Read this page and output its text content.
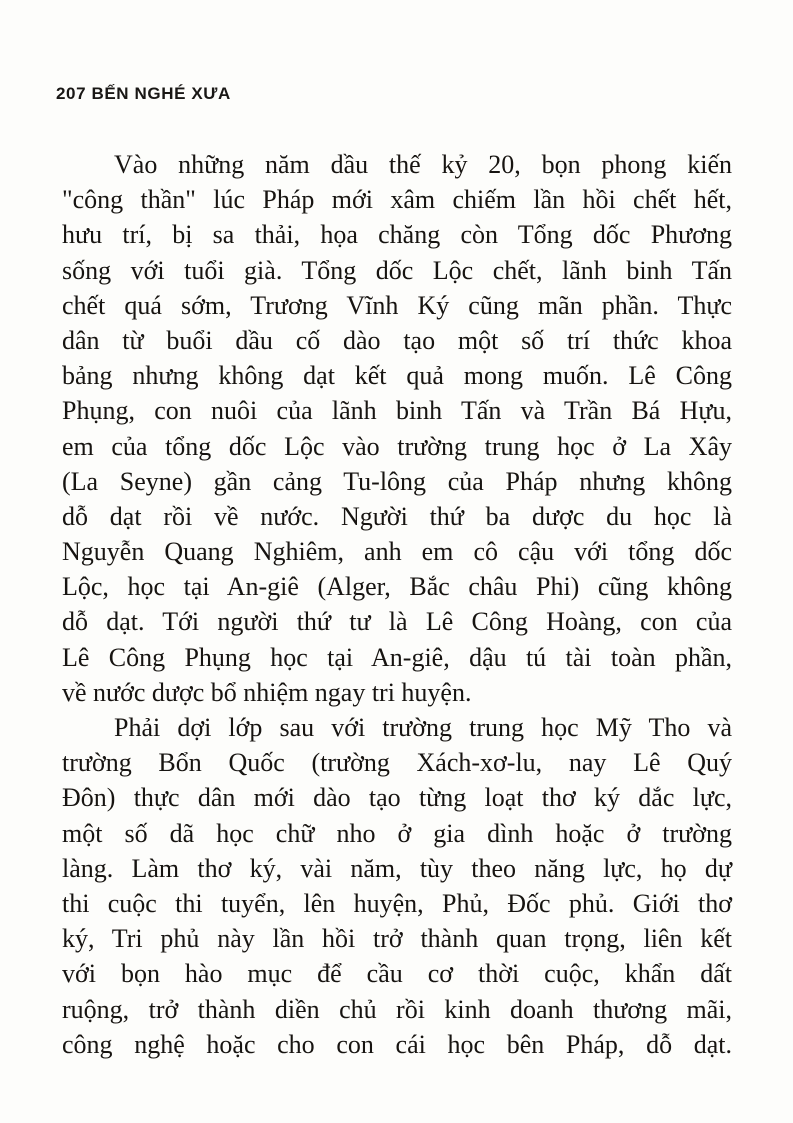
207 BẾN NGHÉ XƯA
Vào những năm dầu thế kỷ 20, bọn phong kiến
"công thần" lúc Pháp mới xâm chiếm lần hồi chết hết,
hưu trí, bị sa thải, họa chăng còn Tổng dốc Phương
sống với tuổi già. Tổng dốc Lộc chết, lãnh binh Tấn
chết quá sớm, Trương Vĩnh Ký cũng mãn phần. Thực
dân từ buổi dầu cố dào tạo một số trí thức khoa
bảng nhưng không dạt kết quả mong muốn. Lê Công
Phụng, con nuôi của lãnh binh Tấn và Trần Bá Hựu,
em của tổng dốc Lộc vào trường trung học ở La Xây
(La Seyne) gần cảng Tu-lông của Pháp nhưng không
dỗ dạt rồi về nước. Người thứ ba dược du học là
Nguyễn Quang Nghiêm, anh em cô cậu với tổng dốc
Lộc, học tại An-giê (Alger, Bắc châu Phi) cũng không
dỗ dạt. Tới người thứ tư là Lê Công Hoàng, con của
Lê Công Phụng học tại An-giê, dậu tú tài toàn phần,
về nước dược bổ nhiệm ngay tri huyện.
Phải dợi lớp sau với trường trung học Mỹ Tho và
trường Bổn Quốc (trường Xách-xơ-lu, nay Lê Quý
Đôn) thực dân mới dào tạo từng loạt thơ ký dắc lực,
một số dã học chữ nho ở gia dình hoặc ở trường
làng. Làm thơ ký, vài năm, tùy theo năng lực, họ dự
thi cuộc thi tuyển, lên huyện, Phủ, Đốc phủ. Giới thơ
ký, Tri phủ này lần hồi trở thành quan trọng, liên kết
với bọn hào mục để cầu cơ thời cuộc, khẩn dất
ruộng, trở thành diền chủ rồi kinh doanh thương mãi,
công nghệ hoặc cho con cái học bên Pháp, dỗ dạt.
